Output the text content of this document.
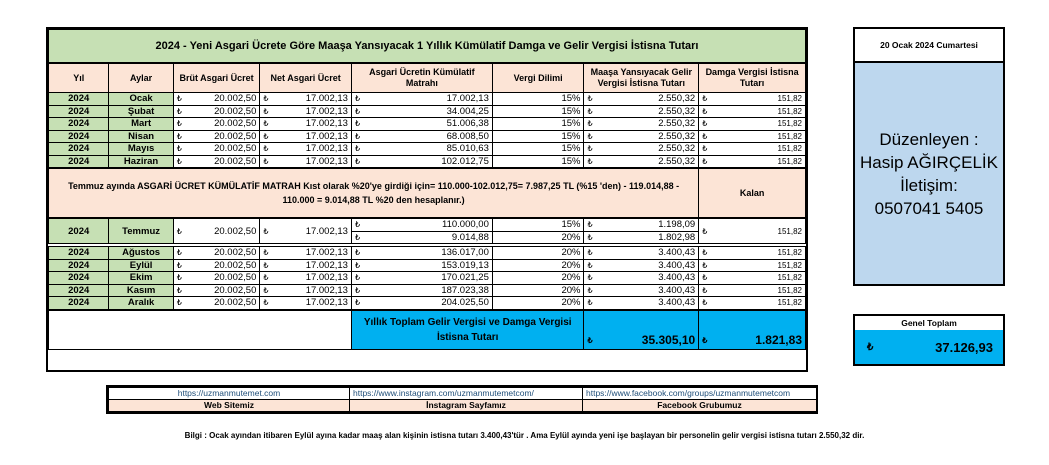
2024 - Yeni Asgari Ücrete Göre Maaşa Yansıyacak 1 Yıllık Kümülatif Damga ve Gelir Vergisi İstisna Tutarı							
Yıl	Aylar	Brüt Asgari Ücret	Net Asgari Ücret	Asgari Ücretin Kümülatif Matrahı	Vergi Dilimi	Maaşa Yansıyacak Gelir Vergisi İstisna Tutarı	Damga Vergisi İstisna Tutarı
2024	Ocak	₺ 20.002,50	₺ 17.002,13	₺ 17.002,13	15%	₺ 2.550,32	₺ 151,82

2024	Şubat	₺ 20.002,50	₺ 17.002,13	₺ 34.004,25	15%	₺ 2.550,32	₺ 151,82

2024	Mart	₺ 20.002,50	₺ 17.002,13	₺ 51.006,38	15%	₺ 2.550,32	₺ 151,82

2024	Nisan	₺ 20.002,50	₺ 17.002,13	₺ 68.008,50	15%	₺ 2.550,32	₺ 151,82

2024	Mayıs	₺ 20.002,50	₺ 17.002,13	₺ 85.010,63	15%	₺ 2.550,32	₺ 151,82

2024	Haziran	₺ 20.002,50	₺ 17.002,13	₺ 102.012,75	15%	₺ 2.550,32	₺ 151,82

Temmuz ayında ASGARİ ÜCRET KÜMÜLATİF MATRAH Kıst olarak %20'ye girdiği için= 110.000-102.012,75= 7.987,25 TL (%15 'den) - 119.014,88 - 110.000 = 9.014,88 TL %20 den hesaplanır.)							Kalan
2024	Temmuz	₺ 20.002,50	₺ 17.002,13	₺ 110.000,00	15%	₺ 1.198,09	₺ 151,82

				₺ 9.014,88	20%	₺ 1.802,98	

2024	Ağustos	₺ 20.002,50	₺ 17.002,13	₺ 136.017,00	20%	₺ 3.400,43	₺ 151,82

2024	Eylül	₺ 20.002,50	₺ 17.002,13	₺ 153.019,13	20%	₺ 3.400,43	₺ 151,82

2024	Ekim	₺ 20.002,50	₺ 17.002,13	₺ 170.021,25	20%	₺ 3.400,43	₺ 151,82

2024	Kasım	₺ 20.002,50	₺ 17.002,13	₺ 187.023,38	20%	₺ 3.400,43	₺ 151,82

2024	Aralık	₺ 20.002,50	₺ 17.002,13	₺ 204.025,50	20%	₺ 3.400,43	₺ 151,82

				Yıllık Toplam Gelir Vergisi ve Damga Vergisi İstisna Tutarı		₺ 35.305,10	₺ 1.821,83
20 Ocak 2024 Cumartesi
Düzenleyen :
Hasip AĞIRÇELİK
İletişim:
0507041 5405
Genel Toplam
₺	37.126,93
https://uzmanmutemet.com	https://www.instagram.com/uzmanmutemetcom/	https://www.facebook.com/groups/uzmanmutemetcom
Web Sitemiz	İnstagram Sayfamız	Facebook Grubumuz
Bilgi : Ocak ayından itibaren Eylül ayına kadar maaş alan kişinin istisna tutarı 3.400,43'tür . Ama Eylül ayında yeni işe başlayan bir personelin gelir vergisi istisna tutarı 2.550,32 dir.
